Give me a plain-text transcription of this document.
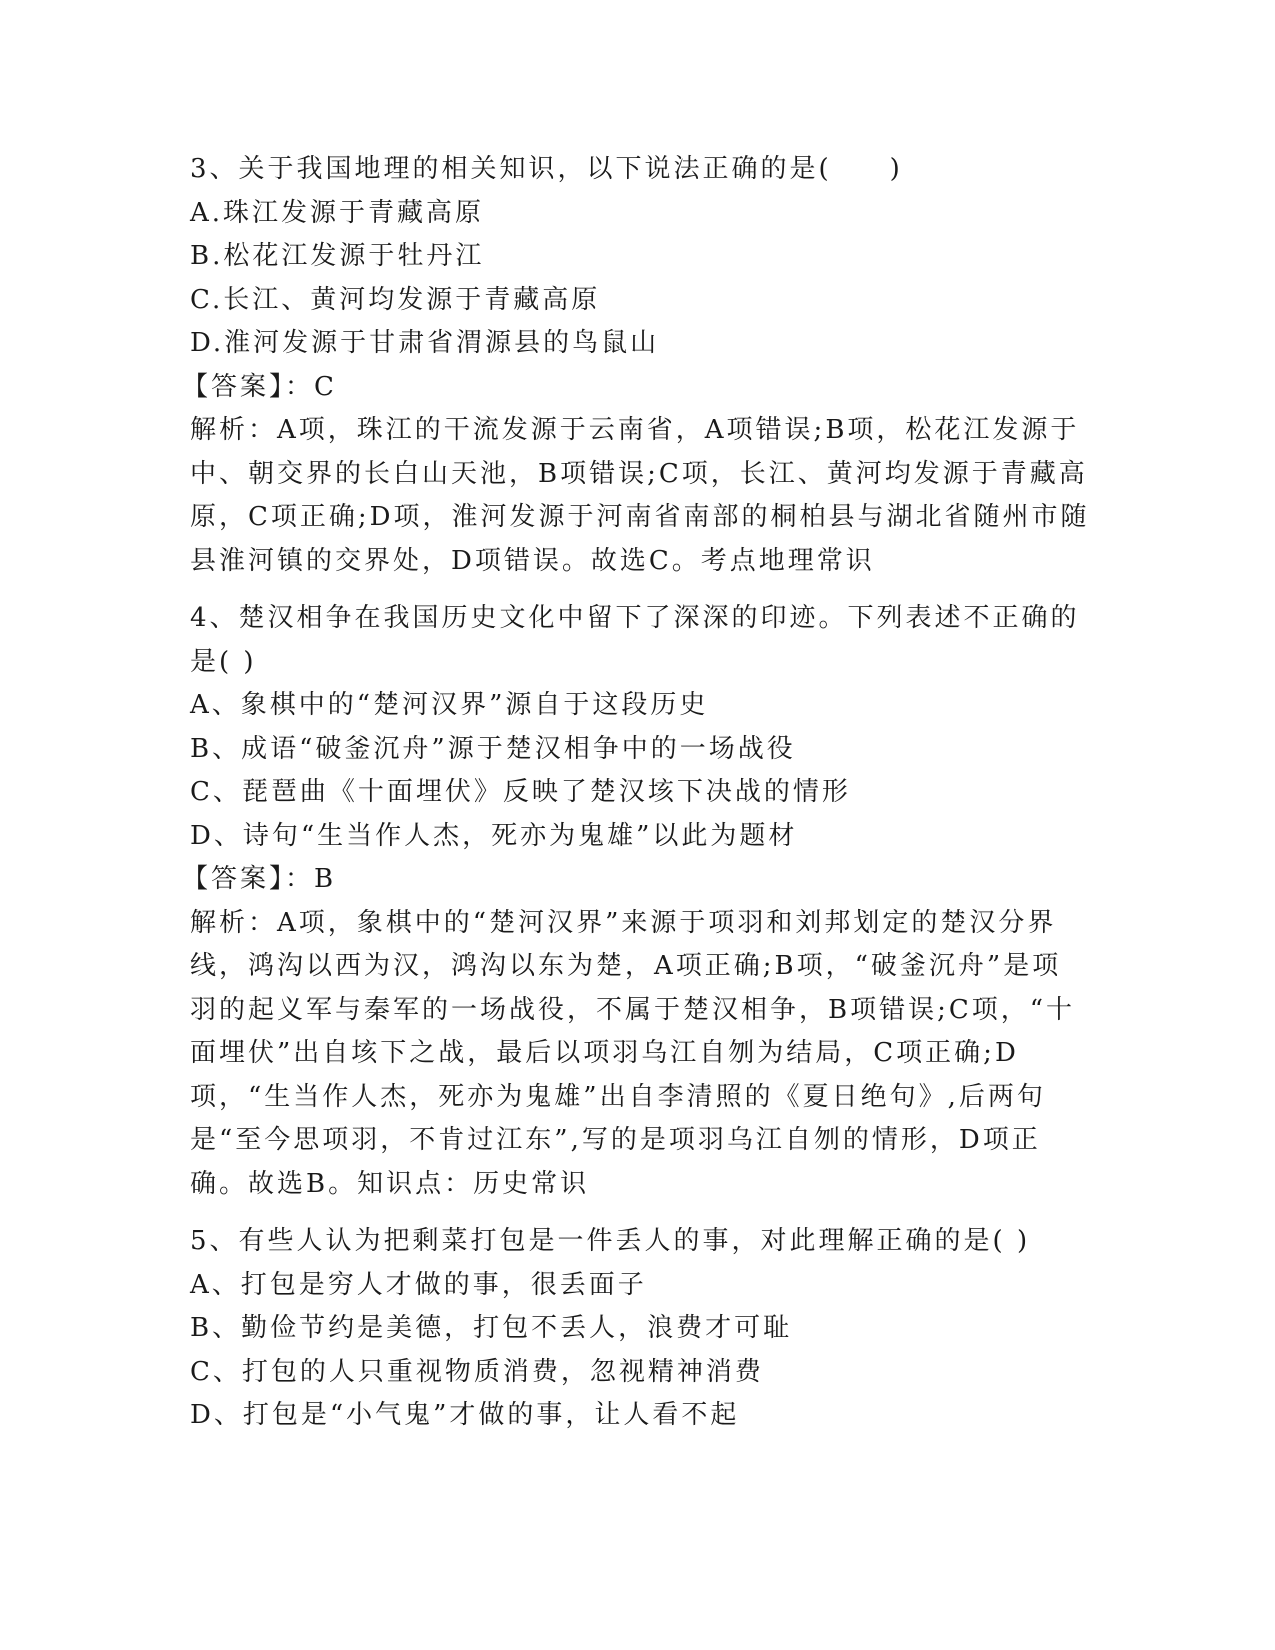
3、关于我国地理的相关知识，以下说法正确的是(　　)

A.珠江发源于青藏高原

B.松花江发源于牡丹江

C.长江、黄河均发源于青藏高原

D.淮河发源于甘肃省渭源县的鸟鼠山

【答案】：C

解析：A项，珠江的干流发源于云南省，A项错误;B项，松花江发源于中、朝交界的长白山天池，B项错误;C项，长江、黄河均发源于青藏高原，C项正确;D项，淮河发源于河南省南部的桐柏县与湖北省随州市随县淮河镇的交界处，D项错误。故选C。考点地理常识

4、楚汉相争在我国历史文化中留下了深深的印迹。下列表述不正确的是( )

A、象棋中的“楚河汉界”源自于这段历史

B、成语“破釜沉舟”源于楚汉相争中的一场战役

C、琵琶曲《十面埋伏》反映了楚汉垓下决战的情形

D、诗句“生当作人杰，死亦为鬼雄”以此为题材

【答案】：B

解析：A项，象棋中的“楚河汉界”来源于项羽和刘邦划定的楚汉分界线，鸿沟以西为汉，鸿沟以东为楚，A项正确;B项，“破釜沉舟”是项羽的起义军与秦军的一场战役，不属于楚汉相争，B项错误;C项，“十面埋伏”出自垓下之战，最后以项羽乌江自刎为结局，C项正确;D项，“生当作人杰，死亦为鬼雄”出自李清照的《夏日绝句》,后两句是“至今思项羽，不肯过江东”,写的是项羽乌江自刎的情形，D项正确。故选B。知识点：历史常识

5、有些人认为把剩菜打包是一件丢人的事，对此理解正确的是( )

A、打包是穷人才做的事，很丢面子

B、勤俭节约是美德，打包不丢人，浪费才可耻

C、打包的人只重视物质消费，忽视精神消费

D、打包是“小气鬼”才做的事，让人看不起
